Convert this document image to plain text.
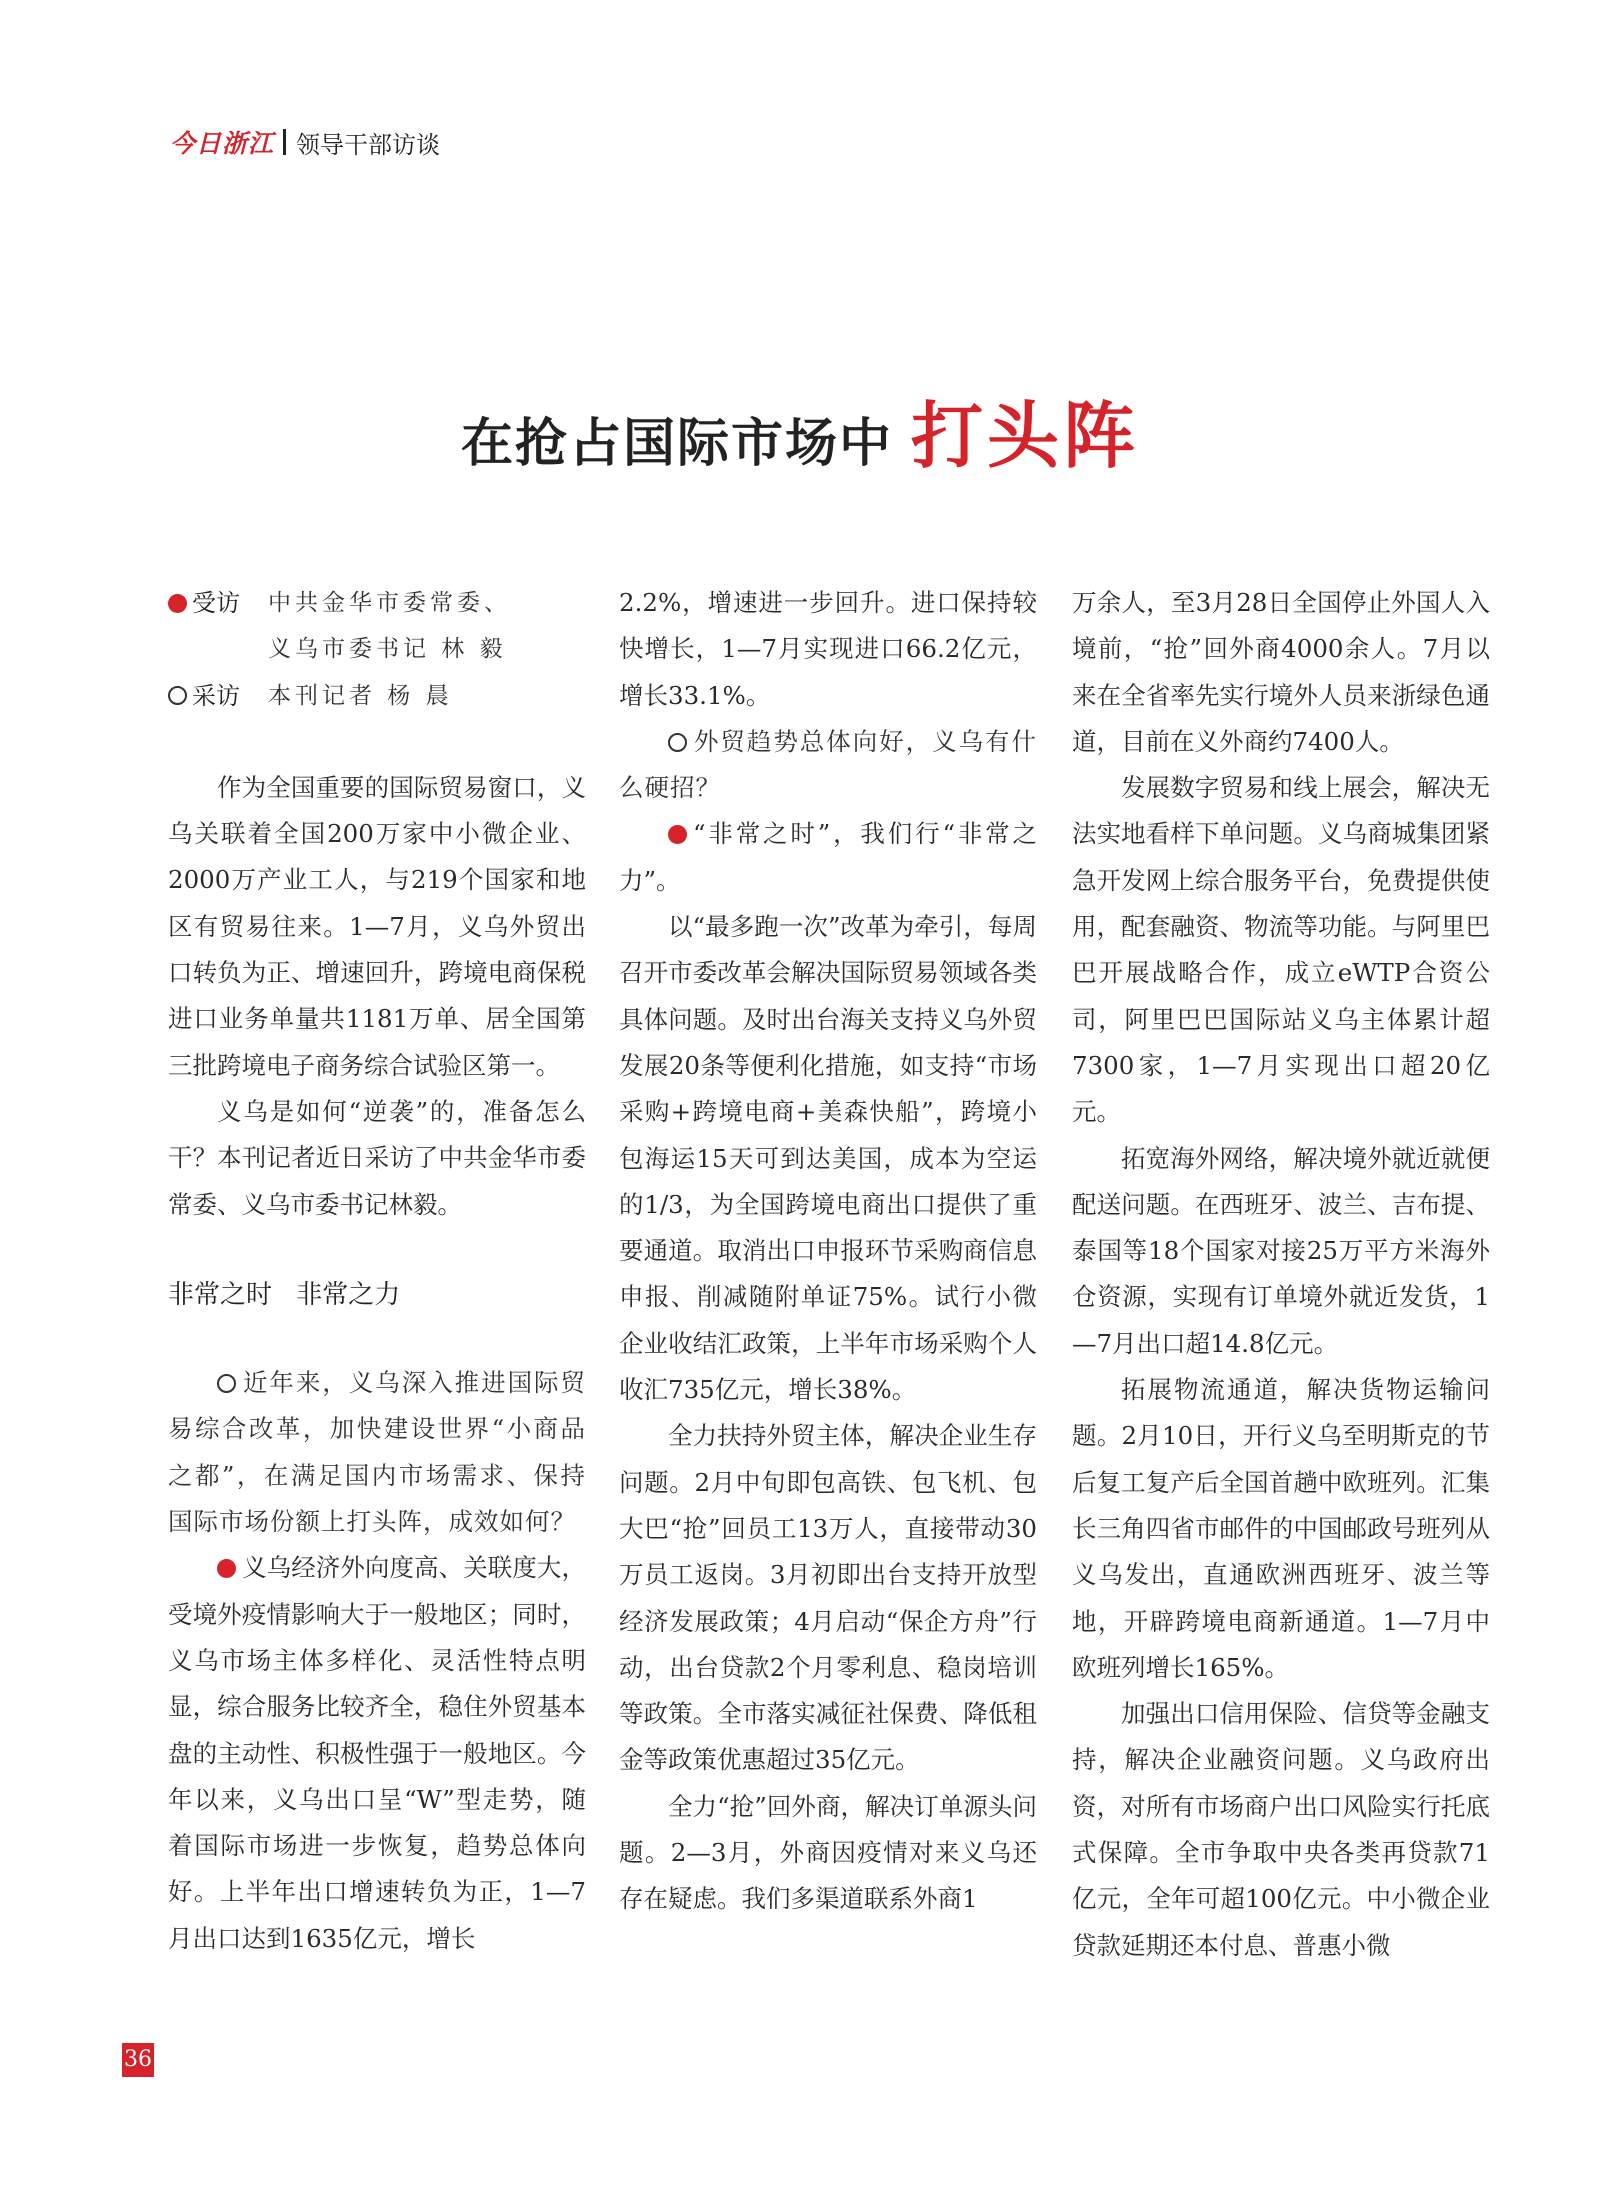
今日浙江 领导干部访谈
在抢占国际市场中 打头阵
受访 中共金华市委常委、
义乌市委书记 林 毅
采访 本刊记者 杨 晨

作为全国重要的国际贸易窗口，义乌关联着全国200万家中小微企业、2000万产业工人，与219个国家和地区有贸易往来。1—7月，义乌外贸出口转负为正、增速回升，跨境电商保税进口业务单量共1181万单、居全国第三批跨境电子商务综合试验区第一。

义乌是如何“逆袭”的，准备怎么干？本刊记者近日采访了中共金华市委常委、义乌市委书记林毅。

非常之时 非常之力

近年来，义乌深入推进国际贸易综合改革，加快建设世界“小商品之都”，在满足国内市场需求、保持国际市场份额上打头阵，成效如何？

义乌经济外向度高、关联度大，受境外疫情影响大于一般地区；同时，义乌市场主体多样化、灵活性特点明显，综合服务比较齐全，稳住外贸基本盘的主动性、积极性强于一般地区。今年以来，义乌出口呈“W”型走势，随着国际市场进一步恢复，趋势总体向好。上半年出口增速转负为正，1—7月出口达到1635亿元，增长

2.2%，增速进一步回升。进口保持较快增长，1—7月实现进口66.2亿元，增长33.1%。

外贸趋势总体向好，义乌有什么硬招？

“非常之时”，我们行“非常之力”。

以“最多跑一次”改革为牵引，每周召开市委改革会解决国际贸易领域各类具体问题。及时出台海关支持义乌外贸发展20条等便利化措施，如支持“市场采购+跨境电商+美森快船”，跨境小包海运15天可到达美国，成本为空运的1/3，为全国跨境电商出口提供了重要通道。取消出口申报环节采购商信息申报、削减随附单证75%。试行小微企业收结汇政策，上半年市场采购个人收汇735亿元，增长38%。

全力扶持外贸主体，解决企业生存问题。2月中旬即包高铁、包飞机、包大巴“抢”回员工13万人，直接带动30万员工返岗。3月初即出台支持开放型经济发展政策；4月启动“保企方舟”行动，出台贷款2个月零利息、稳岗培训等政策。全市落实减征社保费、降低租金等政策优惠超过35亿元。

全力“抢”回外商，解决订单源头问题。2—3月，外商因疫情对来义乌还存在疑虑。我们多渠道联系外商1

万余人，至3月28日全国停止外国人入境前，“抢”回外商4000余人。7月以来在全省率先实行境外人员来浙绿色通道，目前在义外商约7400人。

发展数字贸易和线上展会，解决无法实地看样下单问题。义乌商城集团紧急开发网上综合服务平台，免费提供使用，配套融资、物流等功能。与阿里巴巴开展战略合作，成立eWTP合资公司，阿里巴巴国际站义乌主体累计超7300家，1—7月实现出口超20亿元。

拓宽海外网络，解决境外就近就便配送问题。在西班牙、波兰、吉布提、泰国等18个国家对接25万平方米海外仓资源，实现有订单境外就近发货，1—7月出口超14.8亿元。

拓展物流通道，解决货物运输问题。2月10日，开行义乌至明斯克的节后复工复产后全国首趟中欧班列。汇集长三角四省市邮件的中国邮政号班列从义乌发出，直通欧洲西班牙、波兰等地，开辟跨境电商新通道。1—7月中欧班列增长165%。

加强出口信用保险、信贷等金融支持，解决企业融资问题。义乌政府出资，对所有市场商户出口风险实行托底式保障。全市争取中央各类再贷款71亿元，全年可超100亿元。中小微企业贷款延期还本付息、普惠小微

36
